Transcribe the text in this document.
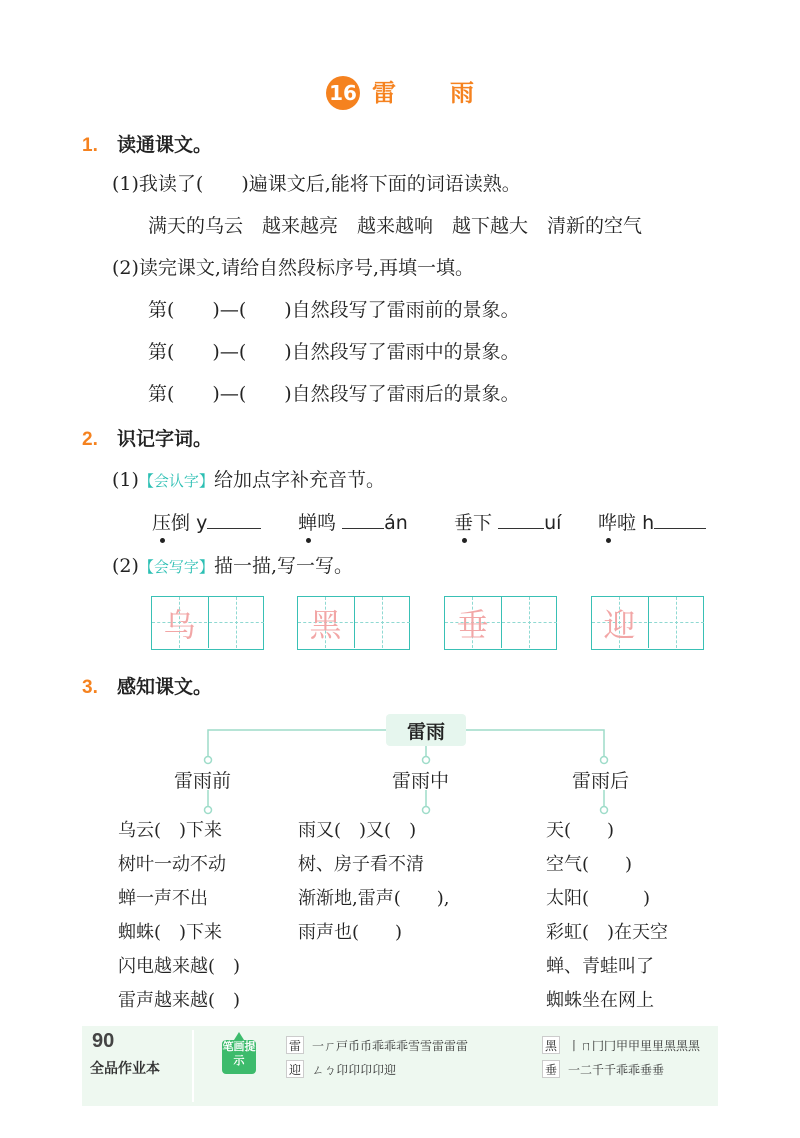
16 雷雨
1. 读通课文。
(1)我读了(　　)遍课文后,能将下面的词语读熟。
满天的乌云　越来越亮　越来越响　越下越大　清新的空气
(2)读完课文,请给自然段标序号,再填一填。
第(　　)—(　　)自然段写了雷雨前的景象。
第(　　)—(　　)自然段写了雷雨中的景象。
第(　　)—(　　)自然段写了雷雨后的景象。
2. 识记字词。
(1)【会认字】给加点字补充音节。
压倒 y	蝉鸣	án 垂下	uí 哗啦 h
(2)【会写字】描一描,写一写。
乌	黑	垂	迎
3. 感知课文。
雷雨
雷雨前	雷雨中	雷雨后
乌云(　)下来
树叶一动不动
蝉一声不出
蜘蛛(　)下来
闪电越来越(　)
雷声越来越(　)
雨又(　)又(　)
树、房子看不清
渐渐地,雷声(　　),
雨声也(　　)
天(　　)
空气(　　)
太阳(　　　)
彩虹(　)在天空
蝉、青蛙叫了
蜘蛛坐在网上
90
全品作业本
笔画提示
雷 一ㄏ戸币币乖乖乖雪雪雷雷雷
迎 ㄥㄅ卬卬卬卬迎
黑 丨ㄇ冂冂甲甲里里黑黑黑
垂 一二千千乖乖垂垂
